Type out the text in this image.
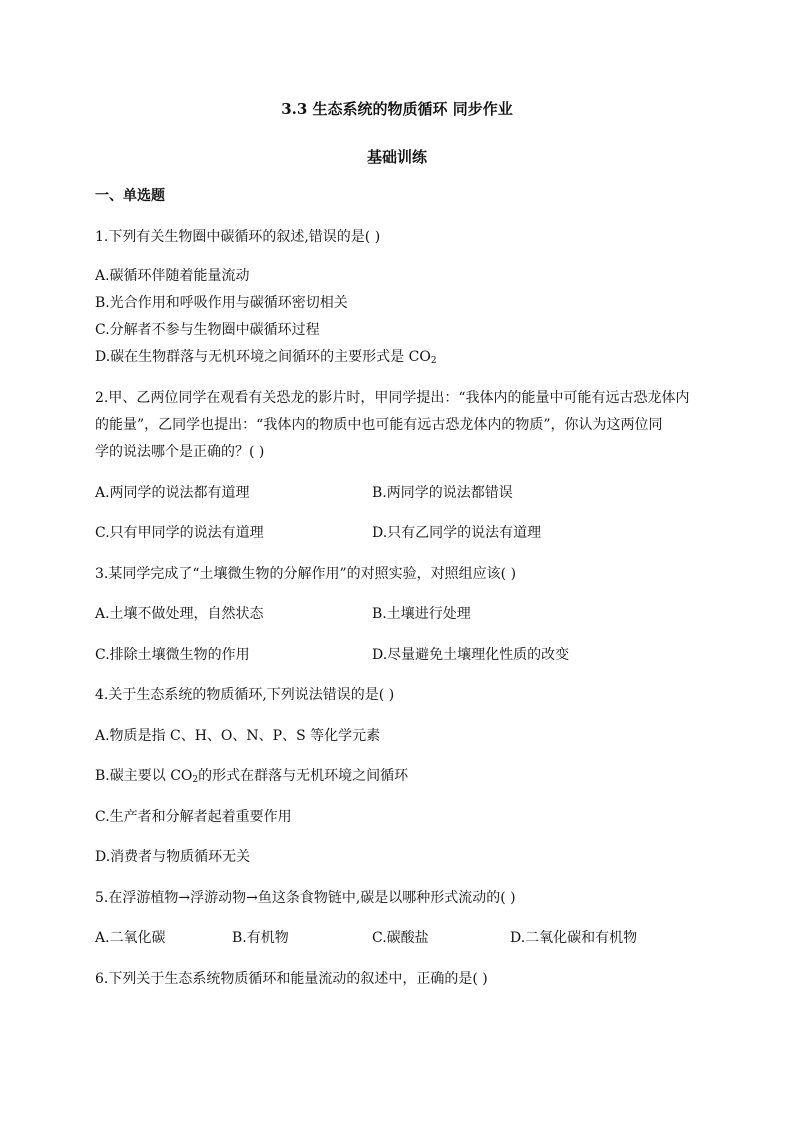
3.3 生态系统的物质循环 同步作业
基础训练
一、单选题
1.下列有关生物圈中碳循环的叙述,错误的是( )
A.碳循环伴随着能量流动
B.光合作用和呼吸作用与碳循环密切相关
C.分解者不参与生物圈中碳循环过程
D.碳在生物群落与无机环境之间循环的主要形式是 $CO_2$
2.甲、乙两位同学在观看有关恐龙的影片时，甲同学提出：“我体内的能量中可能有远古恐龙体内
的能量”，乙同学也提出：“我体内的物质中也可能有远古恐龙体内的物质”，你认为这两位同
学的说法哪个是正确的？( )
A.两同学的说法都有道理	B.两同学的说法都错误
C.只有甲同学的说法有道理	D.只有乙同学的说法有道理
3.某同学完成了“土壤微生物的分解作用”的对照实验，对照组应该( )
A.土壤不做处理，自然状态	B.土壤进行处理
C.排除土壤微生物的作用	D.尽量避免土壤理化性质的改变
4.关于生态系统的物质循环,下列说法错误的是( )
A.物质是指 C、H、O、N、P、S 等化学元素
B.碳主要以 $CO_2$的形式在群落与无机环境之间循环
C.生产者和分解者起着重要作用
D.消费者与物质循环无关
5.在浮游植物→浮游动物→鱼这条食物链中,碳是以哪种形式流动的( )
A.二氧化碳	B.有机物	C.碳酸盐	D.二氧化碳和有机物
6.下列关于生态系统物质循环和能量流动的叙述中，正确的是( )
